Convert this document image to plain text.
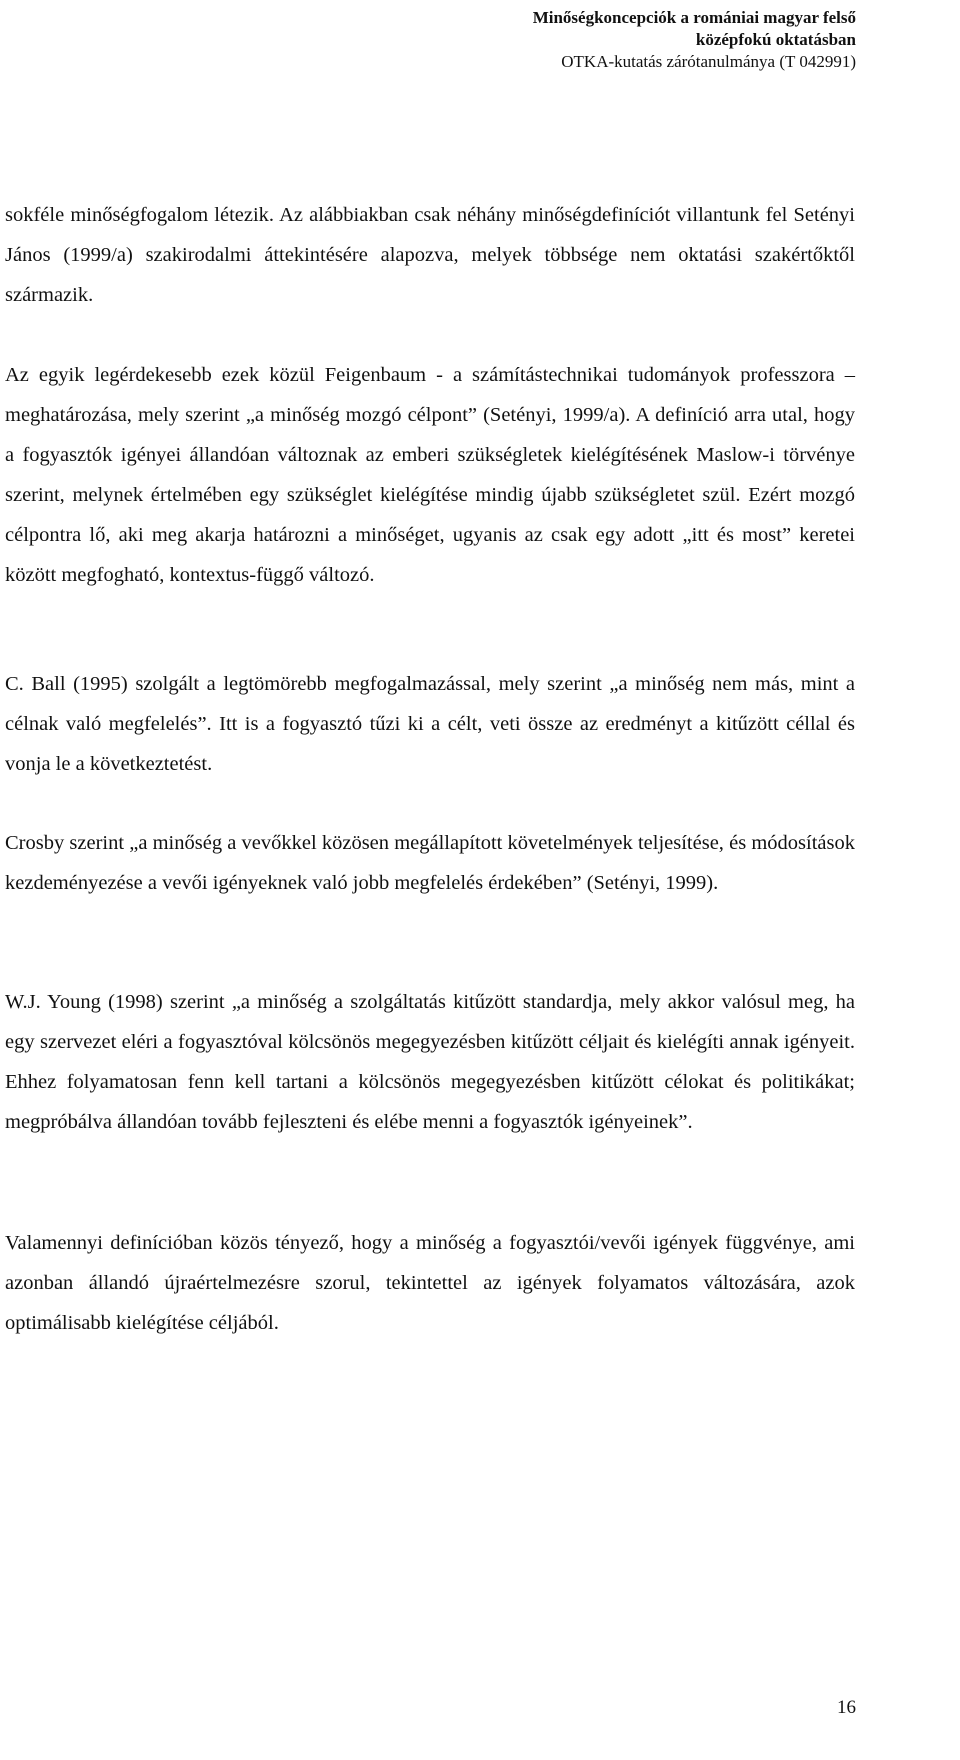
Minőségkoncepciók a romániai magyar felső
középfokú oktatásban
OTKA-kutatás zárótanulmánya (T 042991)

sokféle minőségfogalom létezik. Az alábbiakban csak néhány minőségdefiníciót villantunk fel Setényi János (1999/a) szakirodalmi áttekintésére alapozva, melyek többsége nem oktatási szakértőktől származik.

Az egyik legérdekesebb ezek közül Feigenbaum - a számítástechnikai tudományok professzora – meghatározása, mely szerint „a minőség mozgó célpont” (Setényi, 1999/a). A definíció arra utal, hogy a fogyasztók igényei állandóan változnak az emberi szükségletek kielégítésének Maslow-i törvénye szerint, melynek értelmében egy szükséglet kielégítése mindig újabb szükségletet szül. Ezért mozgó célpontra lő, aki meg akarja határozni a minőséget, ugyanis az csak egy adott „itt és most” keretei között megfogható, kontextus-függő változó.

C. Ball (1995) szolgált a legtömörebb megfogalmazással, mely szerint „a minőség nem más, mint a célnak való megfelelés”. Itt is a fogyasztó tűzi ki a célt, veti össze az eredményt a kitűzött céllal és vonja le a következtetést.

Crosby szerint „a minőség a vevőkkel közösen megállapított követelmények teljesítése, és módosítások kezdeményezése a vevői igényeknek való jobb megfelelés érdekében” (Setényi, 1999).

W.J. Young (1998) szerint „a minőség a szolgáltatás kitűzött standardja, mely akkor valósul meg, ha egy szervezet eléri a fogyasztóval kölcsönös megegyezésben kitűzött céljait és kielégíti annak igényeit. Ehhez folyamatosan fenn kell tartani a kölcsönös megegyezésben kitűzött célokat és politikákat; megpróbálva állandóan tovább fejleszteni és elébe menni a fogyasztók igényeinek”.

Valamennyi definícióban közös tényező, hogy a minőség a fogyasztói/vevői igények függvénye, ami azonban állandó újraértelmezésre szorul, tekintettel az igények folyamatos változására, azok optimálisabb kielégítése céljából.

16
